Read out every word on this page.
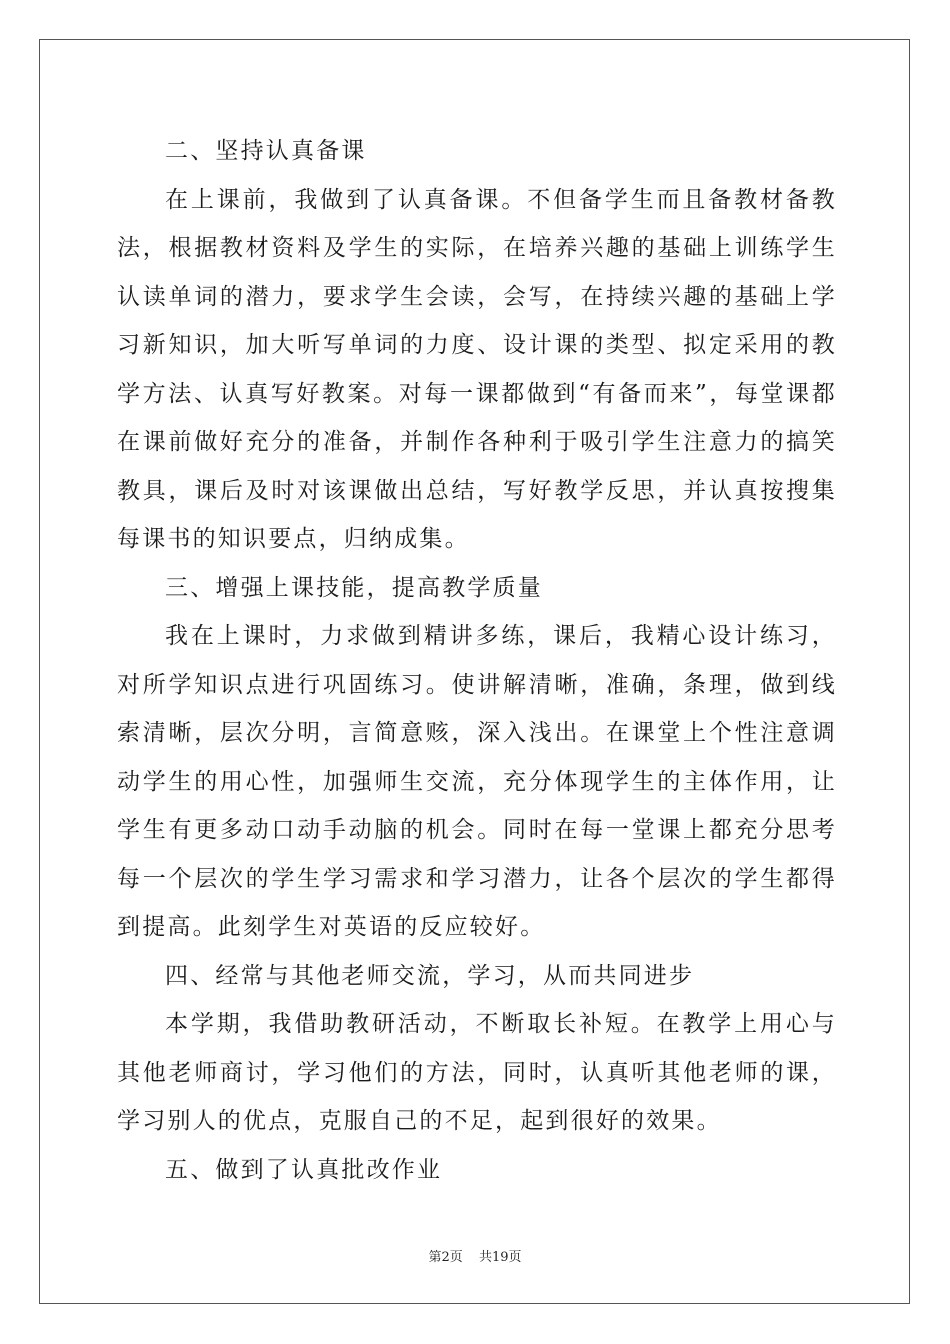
二、坚持认真备课

在上课前，我做到了认真备课。不但备学生而且备教材备教法，根据教材资料及学生的实际，在培养兴趣的基础上训练学生认读单词的潜力，要求学生会读，会写，在持续兴趣的基础上学习新知识，加大听写单词的力度、设计课的类型、拟定采用的教学方法、认真写好教案。对每一课都做到“有备而来”，每堂课都在课前做好充分的准备，并制作各种利于吸引学生注意力的搞笑教具，课后及时对该课做出总结，写好教学反思，并认真按搜集每课书的知识要点，归纳成集。

三、增强上课技能，提高教学质量

我在上课时，力求做到精讲多练，课后，我精心设计练习，对所学知识点进行巩固练习。使讲解清晰，准确，条理，做到线索清晰，层次分明，言简意赅，深入浅出。在课堂上个性注意调动学生的用心性，加强师生交流，充分体现学生的主体作用，让学生有更多动口动手动脑的机会。同时在每一堂课上都充分思考每一个层次的学生学习需求和学习潜力，让各个层次的学生都得到提高。此刻学生对英语的反应较好。

四、经常与其他老师交流，学习，从而共同进步

本学期，我借助教研活动，不断取长补短。在教学上用心与其他老师商讨，学习他们的方法，同时，认真听其他老师的课，学习别人的优点，克服自己的不足，起到很好的效果。

五、做到了认真批改作业

第2页 共19页
